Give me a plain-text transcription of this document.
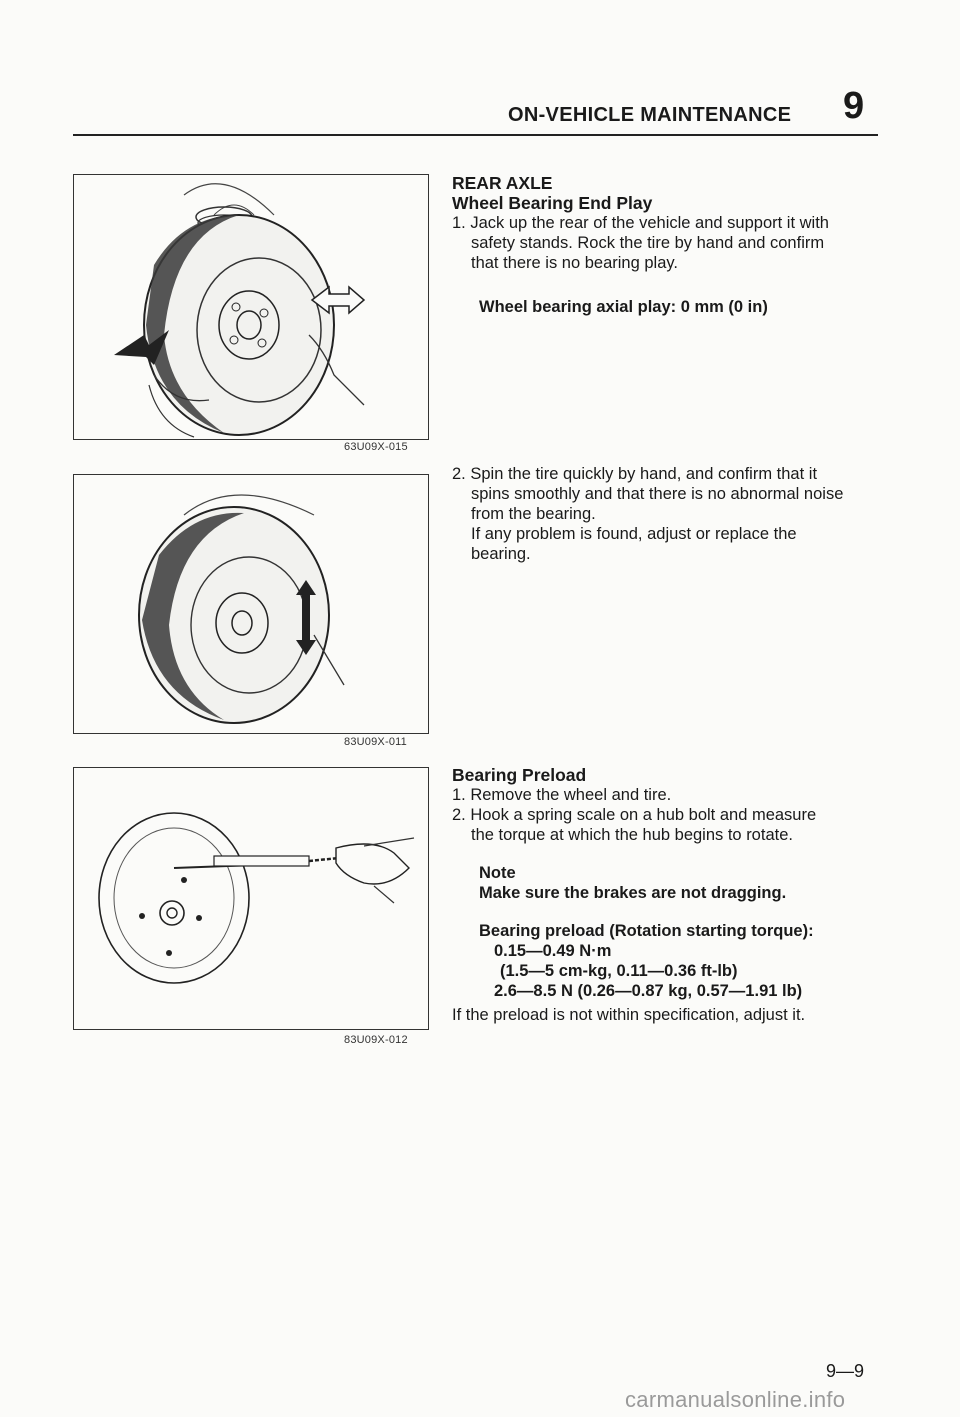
ON-VEHICLE MAINTENANCE 9
63U09X-015
83U09X-011
83U09X-012

REAR AXLE

Wheel Bearing End Play

1. Jack up the rear of the vehicle and support it with

safety stands. Rock the tire by hand and confirm

that there is no bearing play.

Wheel bearing axial play: 0 mm (0 in)

2. Spin the tire quickly by hand, and confirm that it

spins smoothly and that there is no abnormal noise

from the bearing.

If any problem is found, adjust or replace the

bearing.

Bearing Preload

1. Remove the wheel and tire.

2. Hook a spring scale on a hub bolt and measure

the torque at which the hub begins to rotate.

Note

Make sure the brakes are not dragging.

Bearing preload (Rotation starting torque):

0.15—0.49 N·m

(1.5—5 cm-kg, 0.11—0.36 ft-lb)

2.6—8.5 N (0.26—0.87 kg, 0.57—1.91 lb)

If the preload is not within specification, adjust it.
9—9
carmanualsonline.info
